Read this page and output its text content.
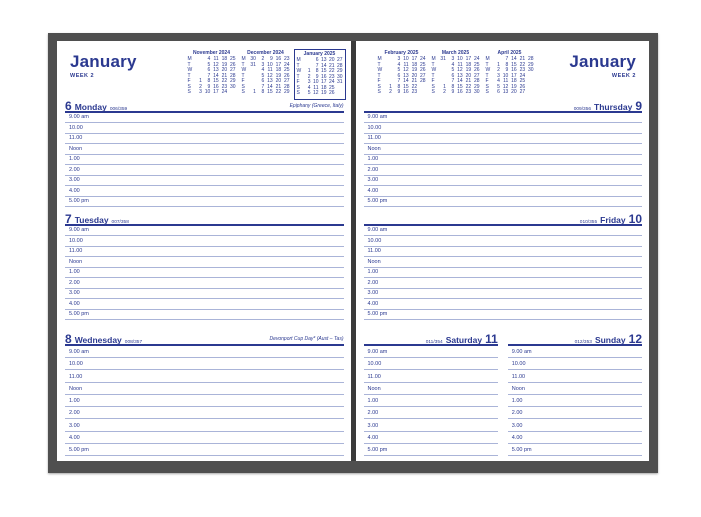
January
WEEK 2
November 2024
M	4 11 18 25
T	5 12 19 26
W	6 13 20 27
T	7 14 21 28
F	1	8 15 22 29
S	2	9 16 23 30
S	3 10 17 24
December 2024
M 30	2	9 16 23
T	31	3 10 17 24
W	4 11 18 25
T	5 12 19 26
F	6 13 20 27
S	7 14 21 28
S	1	8 15 22 29
January 2025
M	6 13 20 27
T	7 14 21 28
W	1	8 15 22 29
T	2	9 16 23 30
F	3 10 17 24 31
S	4 11 18 25
S	5 12 19 26
6 Monday 006/359
Epiphany (Greece, Italy)
9.00 am
10.00
11.00
Noon
1.00
2.00
3.00
4.00
5.00 pm
7 Tuesday 007/358
9.00 am
10.00
11.00
Noon
1.00
2.00
3.00
4.00
5.00 pm
8 Wednesday 008/357
Devonport Cup Day* (Aust – Tas)
9.00 am
10.00
11.00
Noon
1.00
2.00
3.00
4.00
5.00 pm
January
WEEK 2
February 2025
M	3 10 17 24
T	4 11 18 25
W	5 12 19 26
T	6 13 20 27
F	7 14 21 28
S	1	8 15 22
S	2	9 16 23
March 2025
M 31	3 10 17 24
T	4 11 18 25
W	5 12 19 26
T	6 13 20 27
F	7 14 21 28
S	1	8 15 22 29
S	2	9 16 23 30
April 2025
M	7 14 21 28
T	1	8 15 22 29
W	2	9 16 23 30
T	3 10 17 24
F	4 11 18 25
S	5 12 19 26
S	6 13 20 27
009/356 Thursday 9
9.00 am
10.00
11.00
Noon
1.00
2.00
3.00
4.00
5.00 pm
010/355 Friday 10
9.00 am
10.00
11.00
Noon
1.00
2.00
3.00
4.00
5.00 pm
011/354 Saturday 11
9.00 am
10.00
11.00
Noon
1.00
2.00
3.00
4.00
5.00 pm
012/353 Sunday 12
9.00 am
10.00
11.00
Noon
1.00
2.00
3.00
4.00
5.00 pm
